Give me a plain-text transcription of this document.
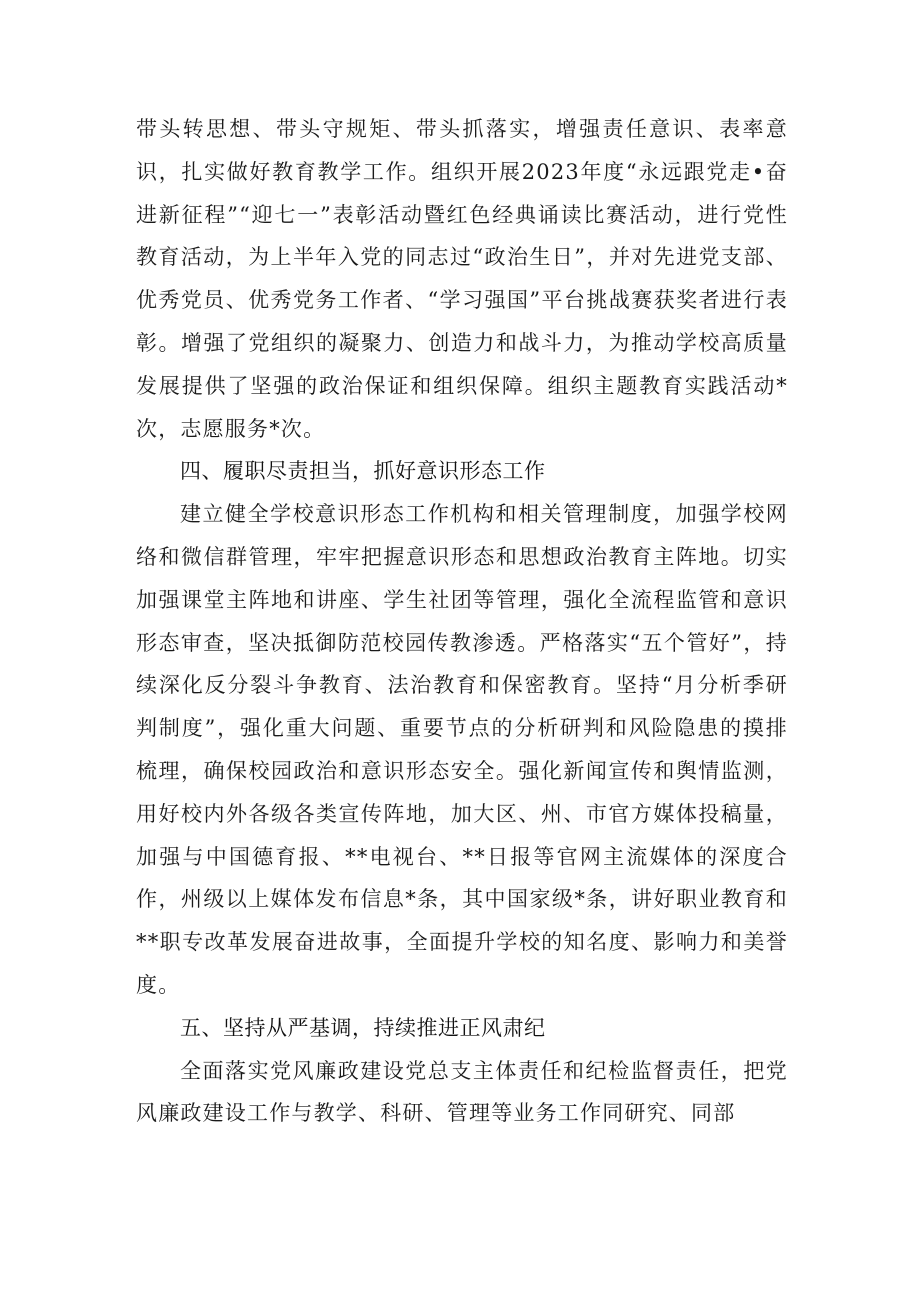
带头转思想、带头守规矩、带头抓落实，增强责任意识、表率意识，扎实做好教育教学工作。组织开展2023年度“永远跟党走•奋进新征程”“迎七一”表彰活动暨红色经典诵读比赛活动，进行党性教育活动，为上半年入党的同志过“政治生日”，并对先进党支部、优秀党员、优秀党务工作者、“学习强国”平台挑战赛获奖者进行表彰。增强了党组织的凝聚力、创造力和战斗力，为推动学校高质量发展提供了坚强的政治保证和组织保障。组织主题教育实践活动*次，志愿服务*次。

四、履职尽责担当，抓好意识形态工作

建立健全学校意识形态工作机构和相关管理制度，加强学校网络和微信群管理，牢牢把握意识形态和思想政治教育主阵地。切实加强课堂主阵地和讲座、学生社团等管理，强化全流程监管和意识形态审查，坚决抵御防范校园传教渗透。严格落实“五个管好”，持续深化反分裂斗争教育、法治教育和保密教育。坚持“月分析季研判制度”，强化重大问题、重要节点的分析研判和风险隐患的摸排梳理，确保校园政治和意识形态安全。强化新闻宣传和舆情监测，用好校内外各级各类宣传阵地，加大区、州、市官方媒体投稿量，加强与中国德育报、**电视台、**日报等官网主流媒体的深度合作，州级以上媒体发布信息*条，其中国家级*条，讲好职业教育和**职专改革发展奋进故事，全面提升学校的知名度、影响力和美誉度。

五、坚持从严基调，持续推进正风肃纪

全面落实党风廉政建设党总支主体责任和纪检监督责任，把党风廉政建设工作与教学、科研、管理等业务工作同研究、同部
